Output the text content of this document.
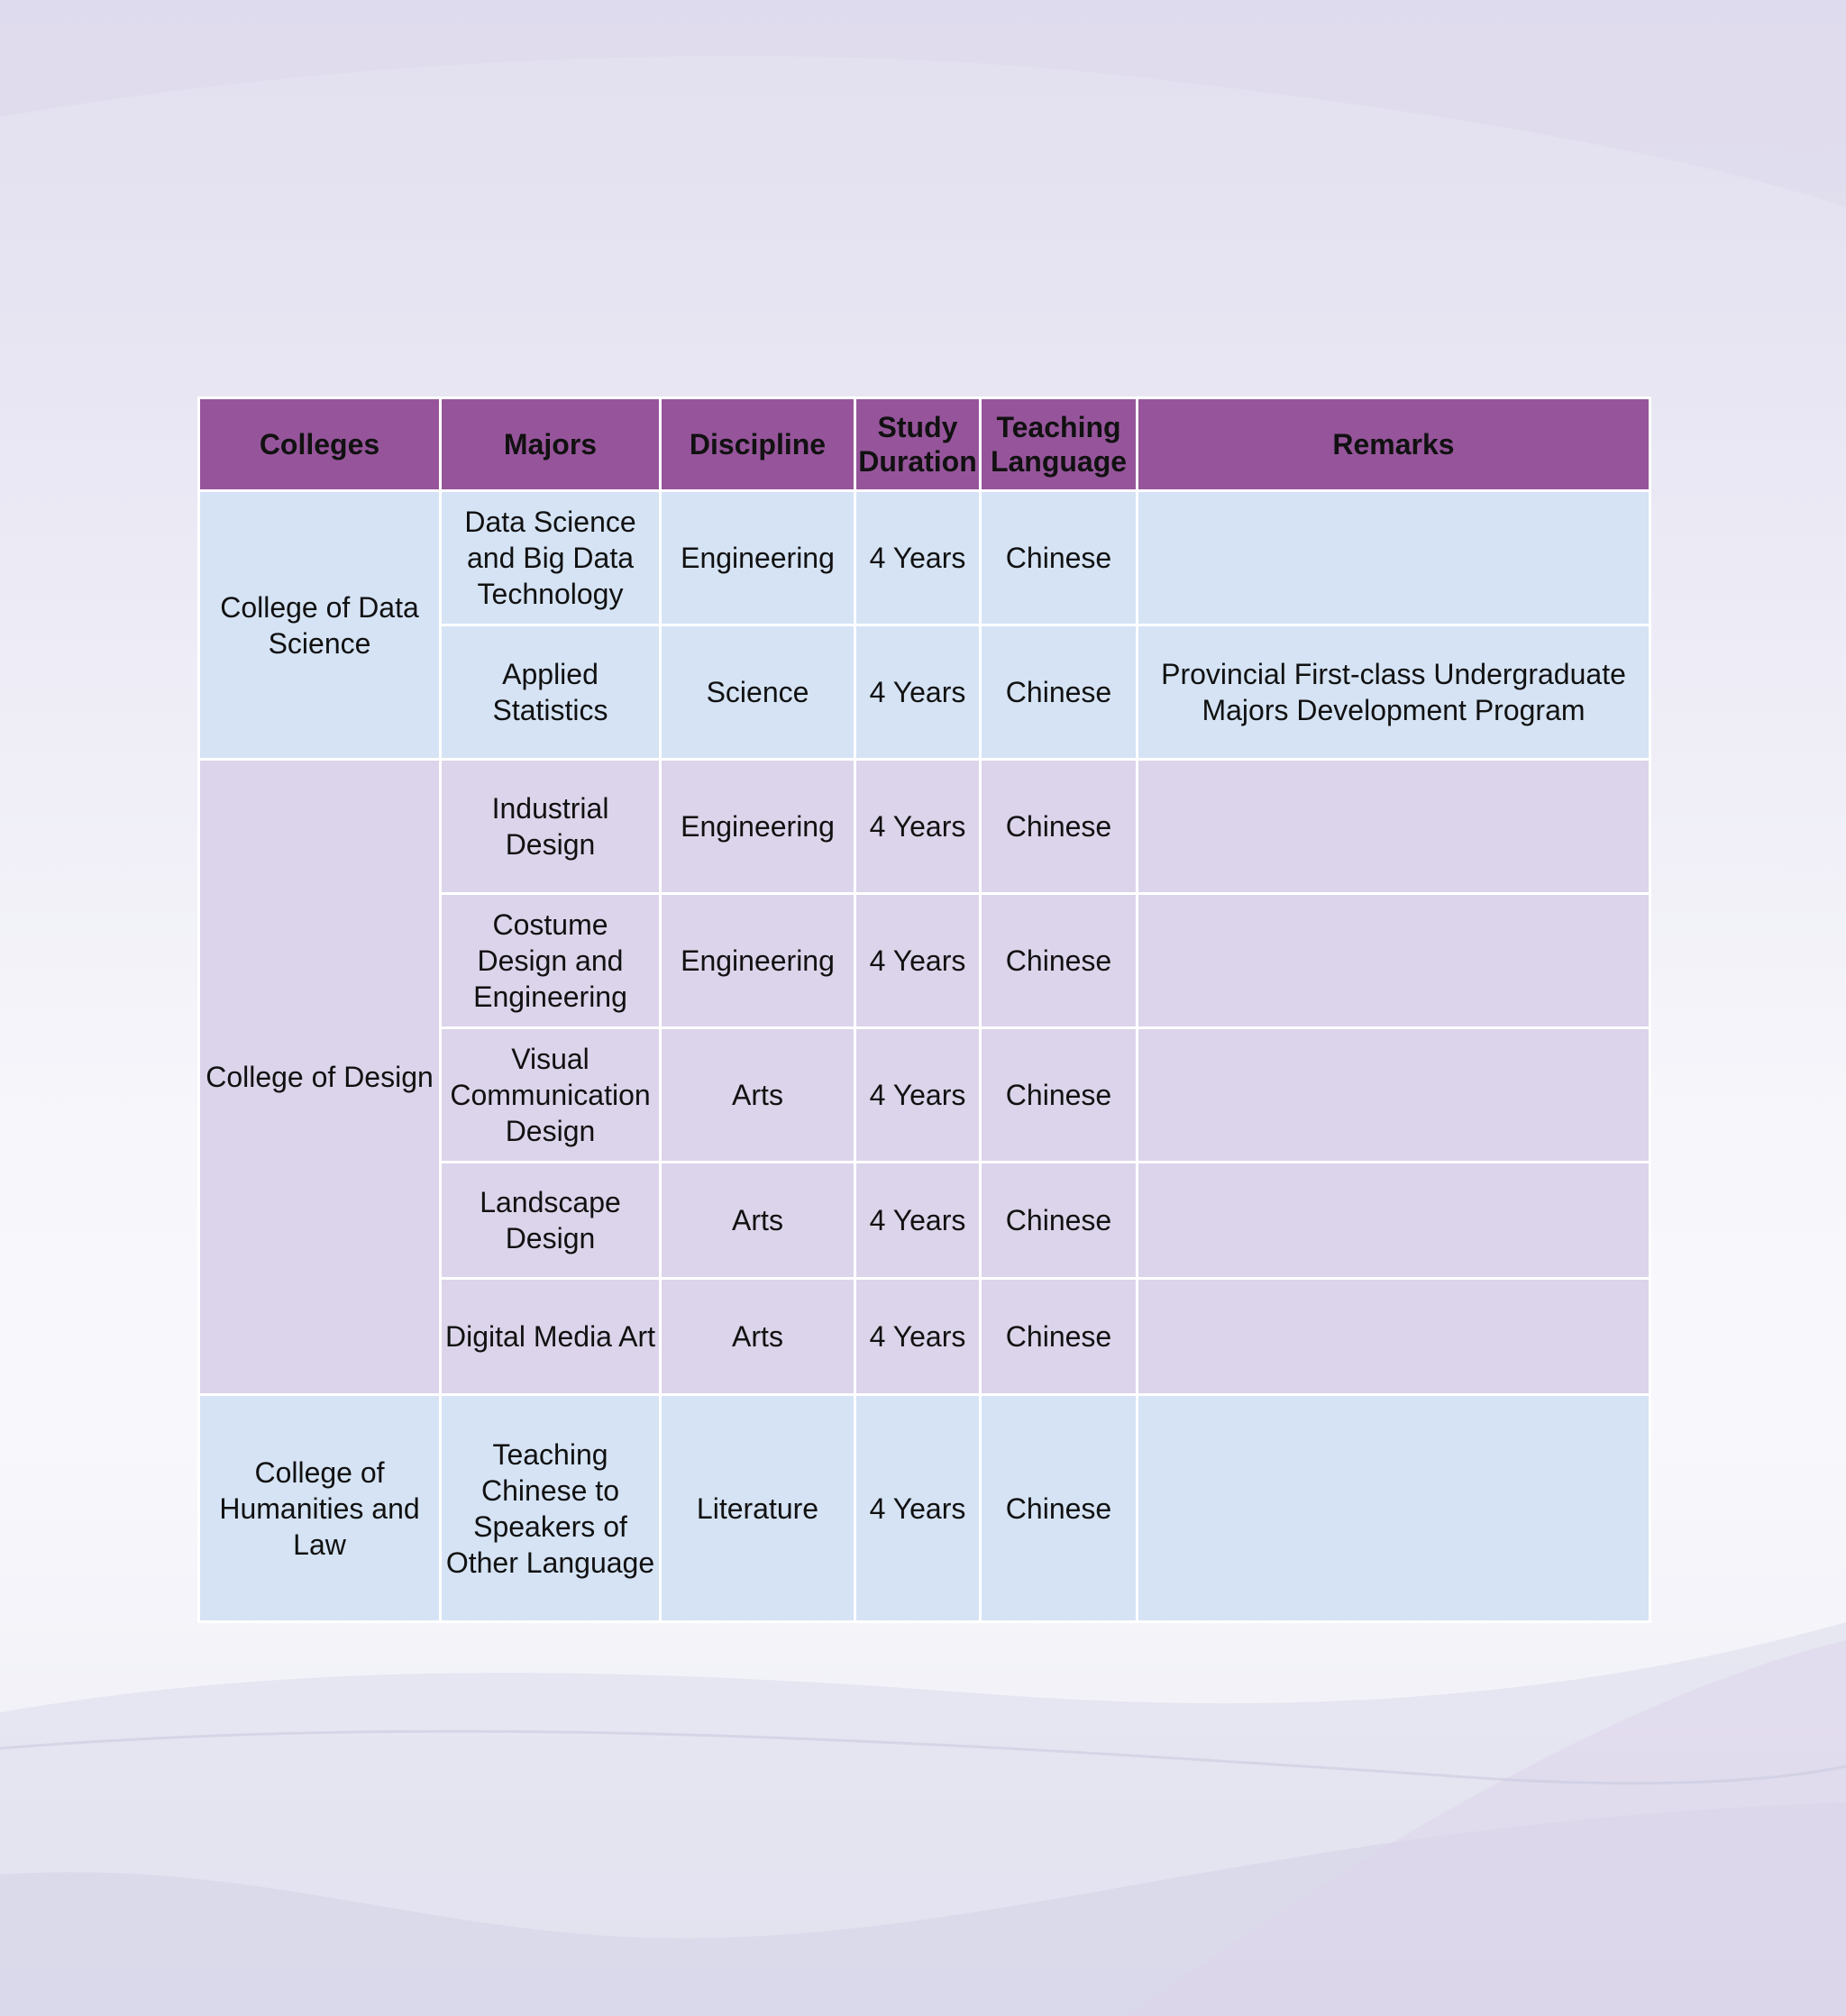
Colleges	Majors	Discipline	Study Duration	Teaching Language	Remarks
College of Data Science	Data Science and Big Data Technology	Engineering	4 Years	Chinese	
	Applied Statistics	Science	4 Years	Chinese	Provincial First-class Undergraduate Majors Development Program
College of Design	Industrial Design	Engineering	4 Years	Chinese	
	Costume Design and Engineering	Engineering	4 Years	Chinese	
	Visual Communication Design	Arts	4 Years	Chinese	
	Landscape Design	Arts	4 Years	Chinese	
	Digital Media Art	Arts	4 Years	Chinese	
College of Humanities and Law	Teaching Chinese to Speakers of Other Language	Literature	4 Years	Chinese	
